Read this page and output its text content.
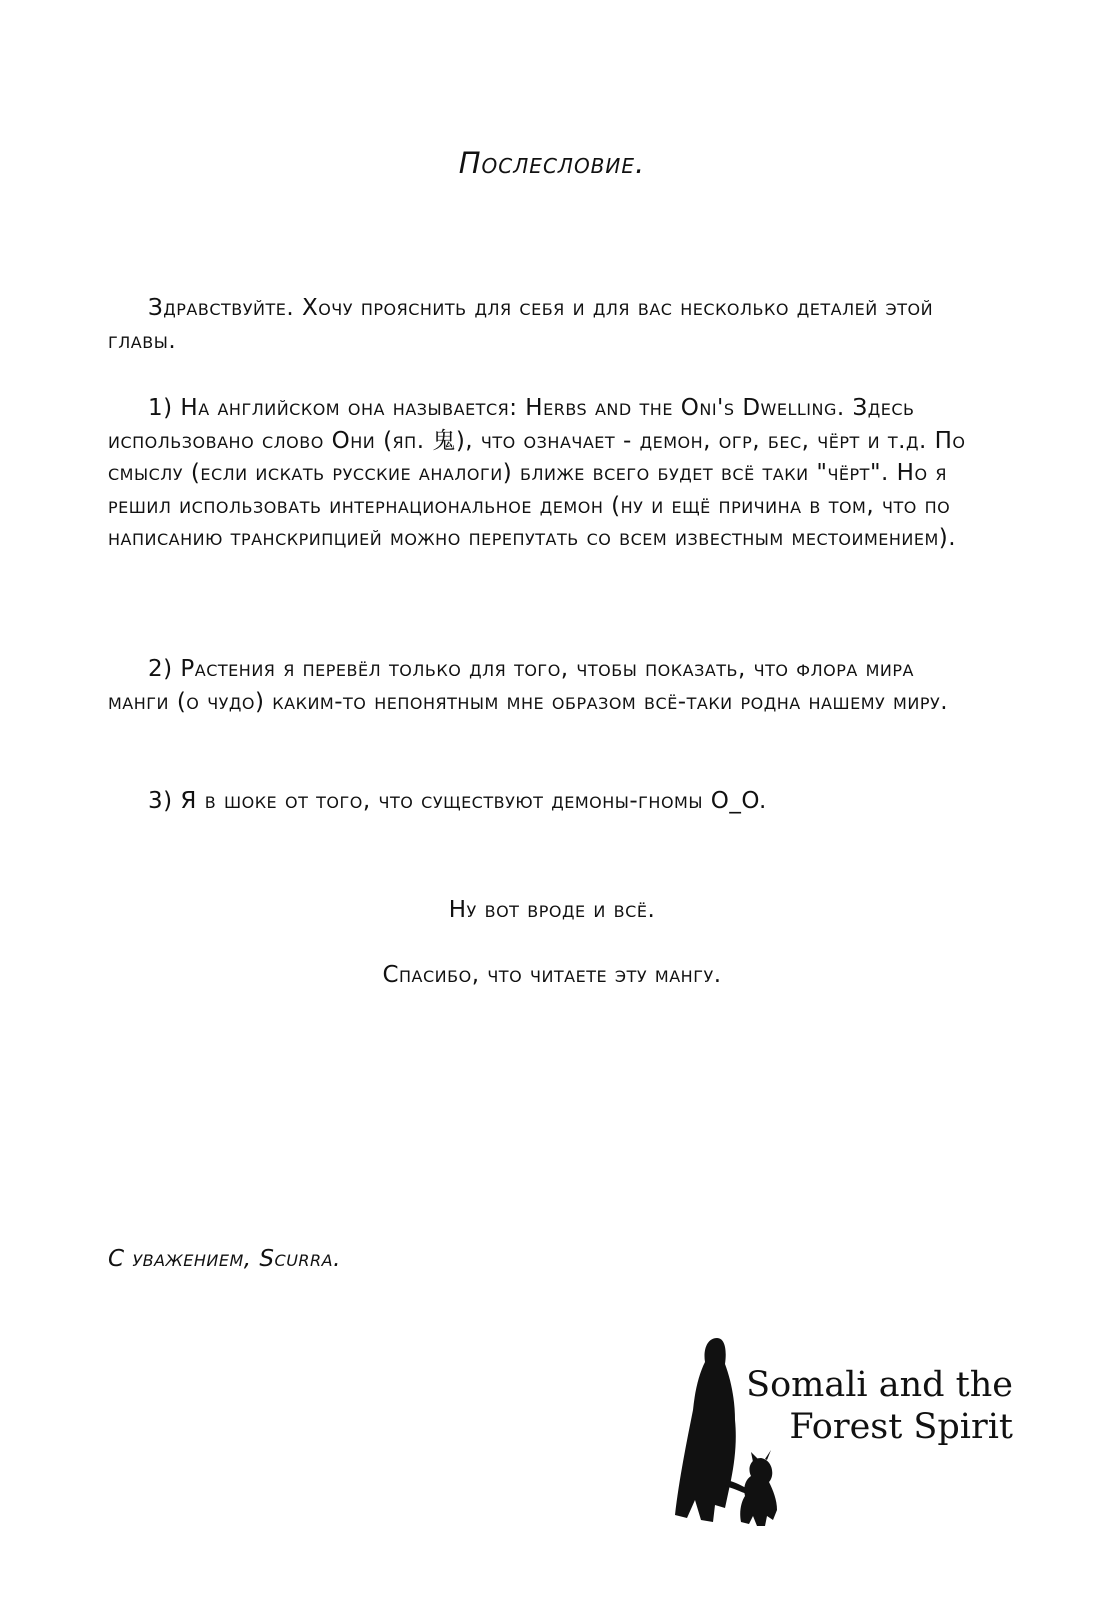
Послесловие.

Здравствуйте. Хочу прояснить для себя и для вас несколько деталей этой главы.

1) На английском она называется: Herbs and the Oni's Dwelling. Здесь использовано слово Они (яп. 鬼), что означает - демон, огр, бес, чёрт и т.д. По смыслу (если искать русские аналоги) ближе всего будет всё таки "чёрт". Но я решил использовать интернациональное демон (ну и ещё причина в том, что по написанию транскрипцией можно перепутать со всем известным местоимением).

2) Растения я перевёл только для того, чтобы показать, что флора мира манги (о чудо) каким-то непонятным мне образом всё-таки родна нашему миру.

3) Я в шоке от того, что существуют демоны-гномы O_O.

Ну вот вроде и всё.

Спасибо, что читаете эту мангу.

С уважением, Scurra.

Somali and the
Forest Spirit
